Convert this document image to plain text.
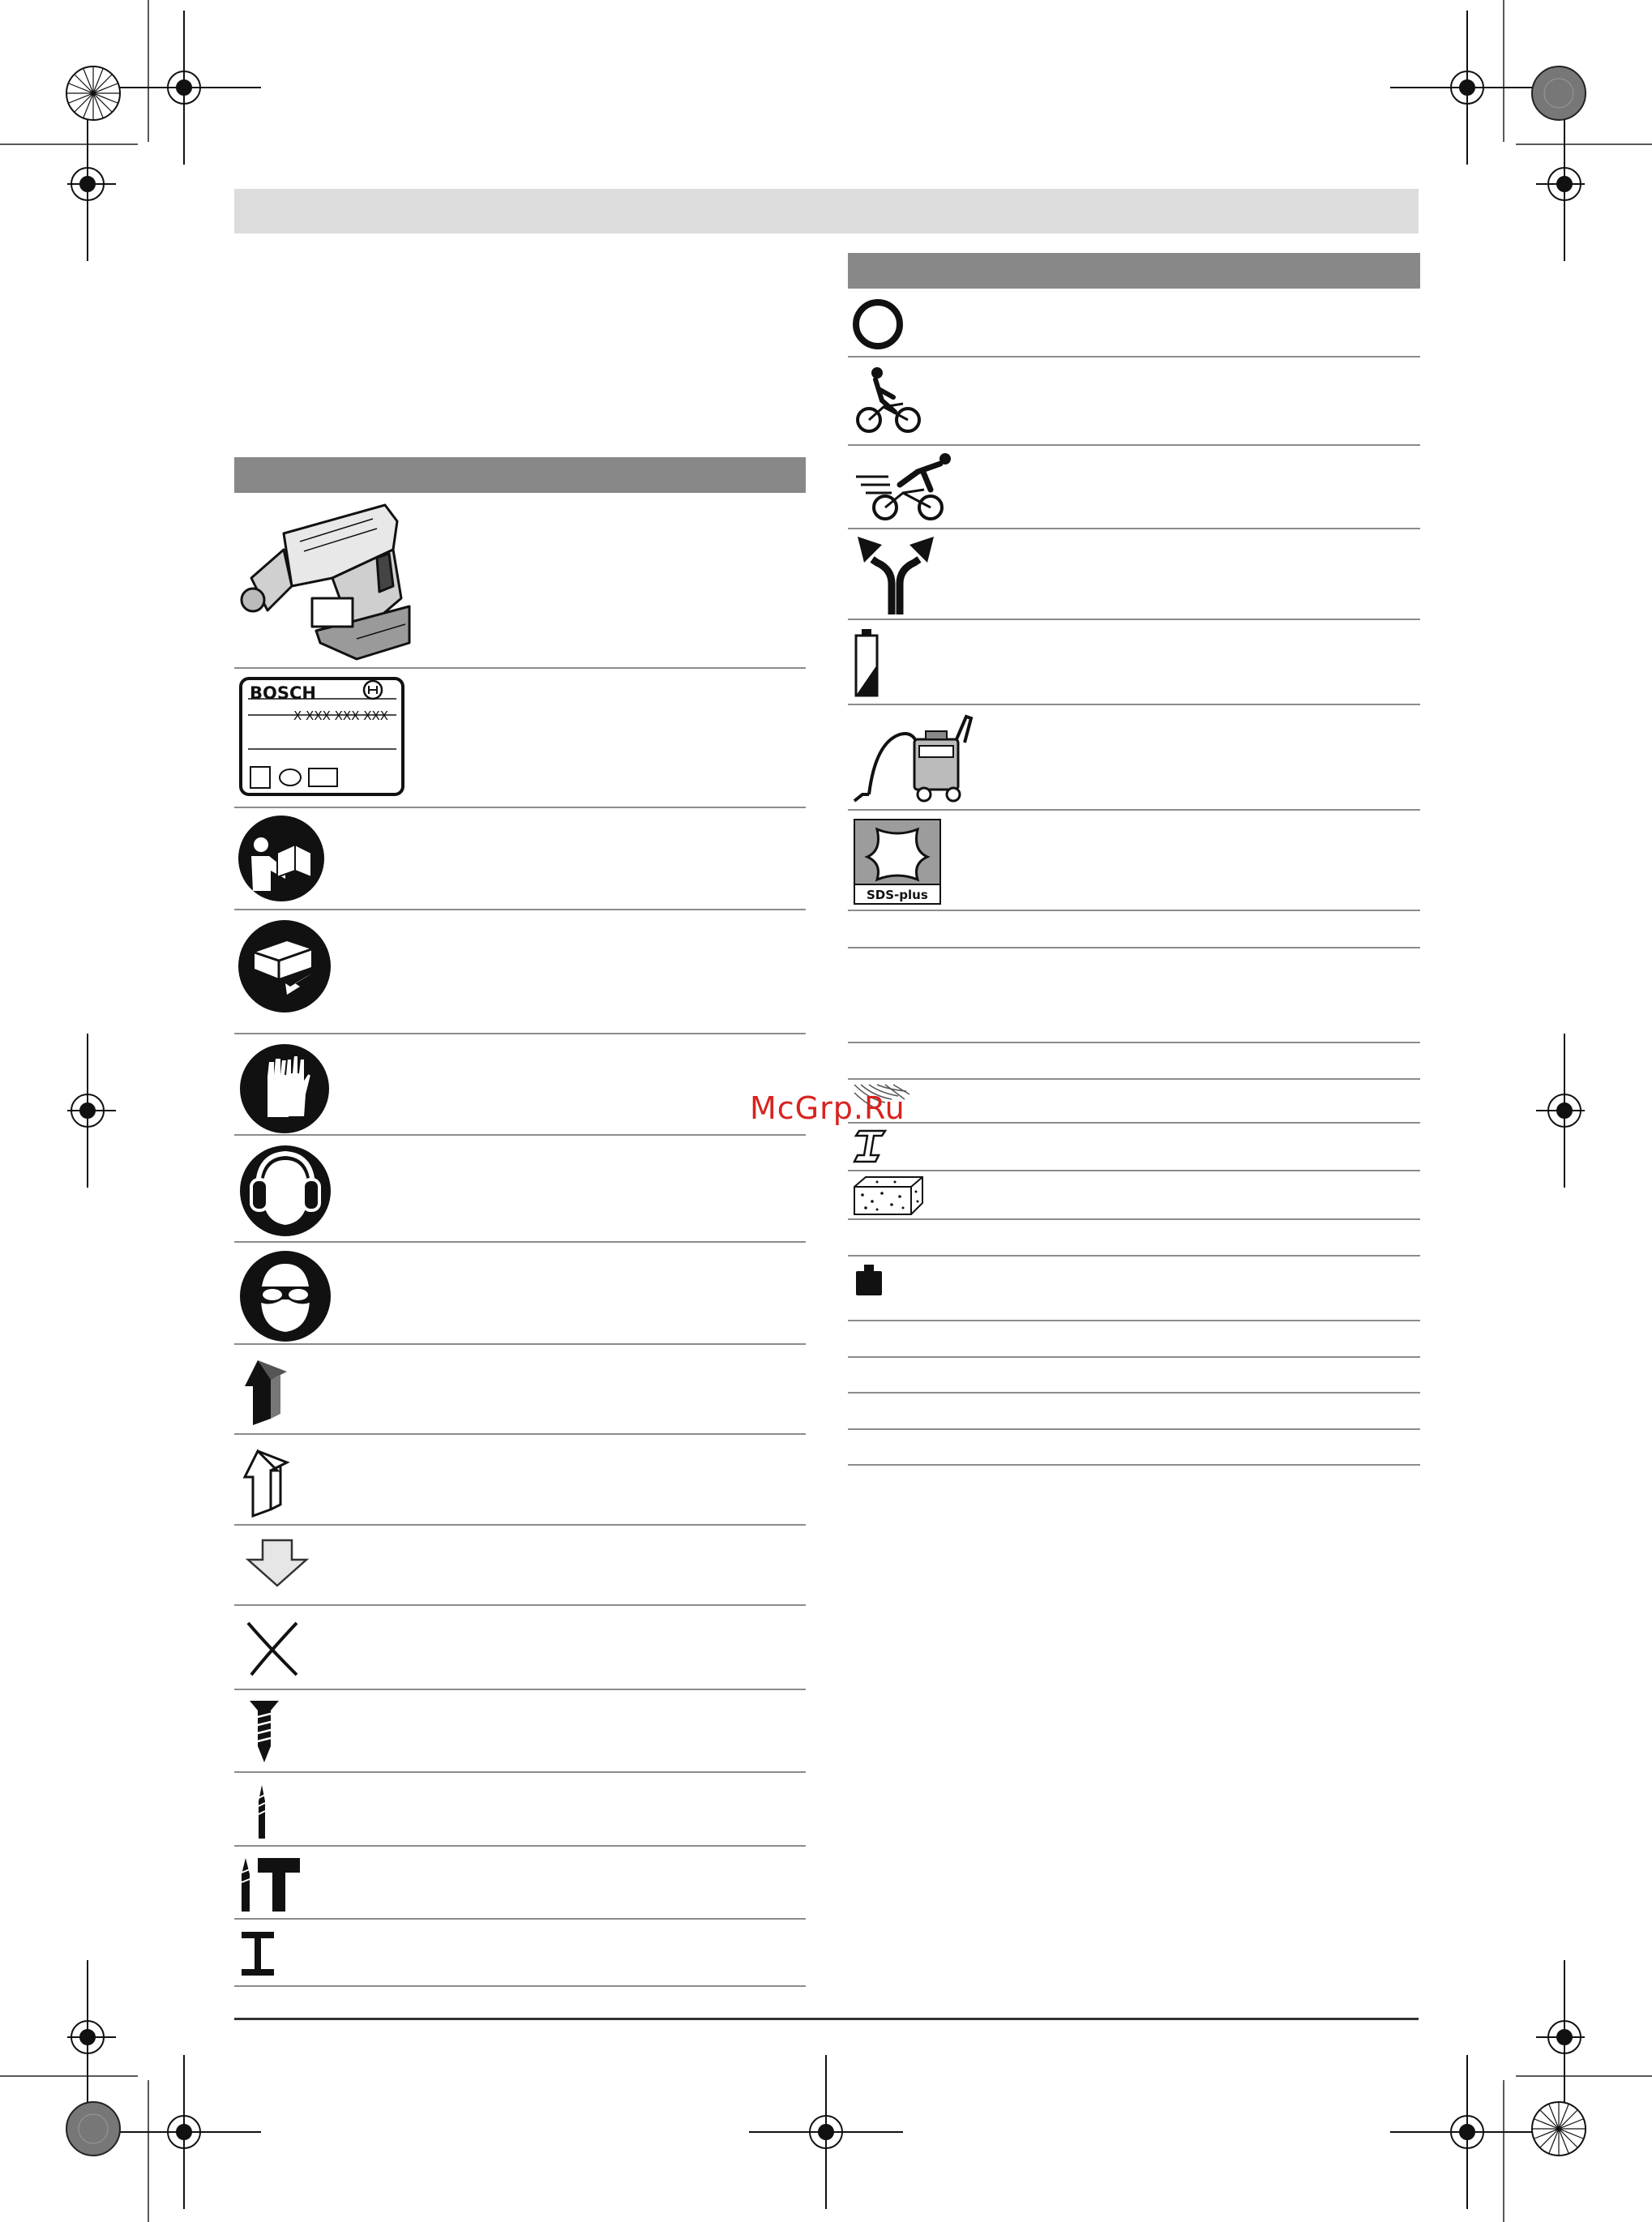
BOSCH
X XXX XXX XXX
SDS-plus
McGrp.Ru
